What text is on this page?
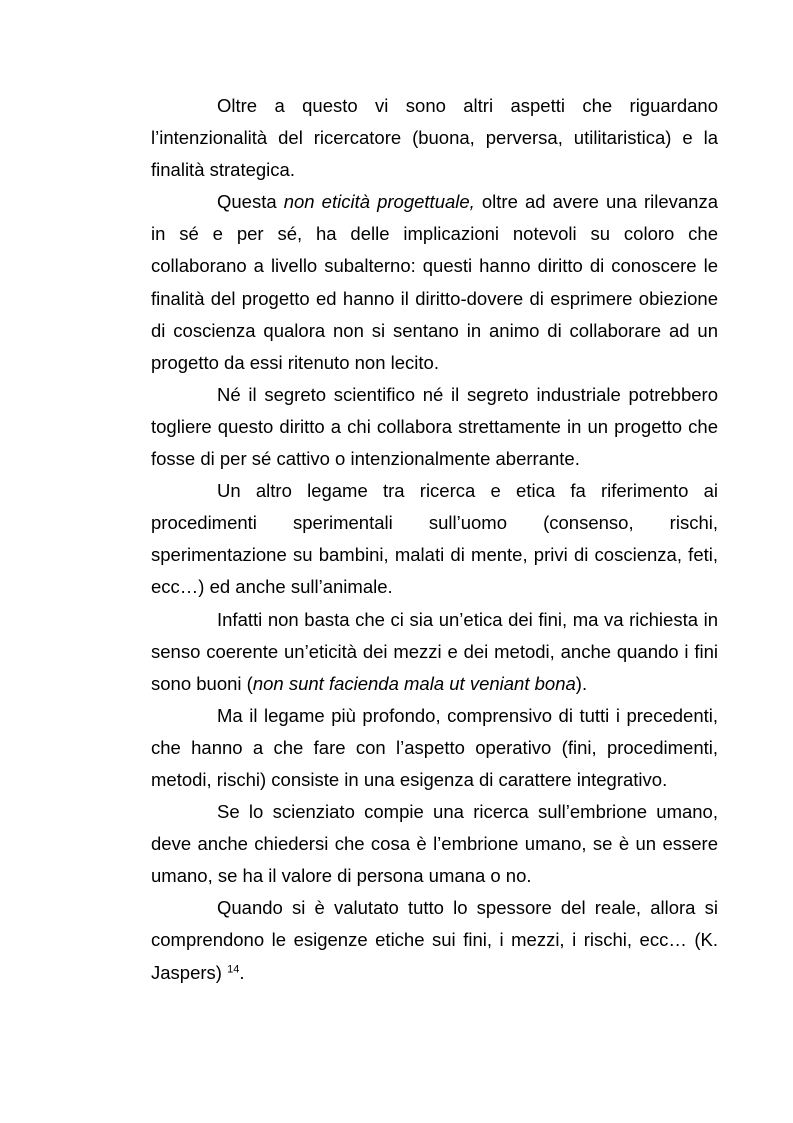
Oltre a questo vi sono altri aspetti che riguardano l’intenzionalità del ricercatore (buona, perversa, utilitaristica) e la finalità strategica.

Questa non eticità progettuale, oltre ad avere una rilevanza in sé e per sé, ha delle implicazioni notevoli su coloro che collaborano a livello subalterno: questi hanno diritto di conoscere le finalità del progetto ed hanno il diritto-dovere di esprimere obiezione di coscienza qualora non si sentano in animo di collaborare ad un progetto da essi ritenuto non lecito.

Né il segreto scientifico né il segreto industriale potrebbero togliere questo diritto a chi collabora strettamente in un progetto che fosse di per sé cattivo o intenzionalmente aberrante.

Un altro legame tra ricerca e etica fa riferimento ai procedimenti sperimentali sull’uomo (consenso, rischi, sperimentazione su bambini, malati di mente, privi di coscienza, feti, ecc…) ed anche sull’animale.

Infatti non basta che ci sia un’etica dei fini, ma va richiesta in senso coerente un’eticità dei mezzi e dei metodi, anche quando i fini sono buoni (non sunt facienda mala ut veniant bona).

Ma il legame più profondo, comprensivo di tutti i precedenti, che hanno a che fare con l’aspetto operativo (fini, procedimenti, metodi, rischi) consiste in una esigenza di carattere integrativo.

Se lo scienziato compie una ricerca sull’embrione umano, deve anche chiedersi che cosa è l’embrione umano, se è un essere umano, se ha il valore di persona umana o no.

Quando si è valutato tutto lo spessore del reale, allora si comprendono le esigenze etiche sui fini, i mezzi, i rischi, ecc… (K. Jaspers) $^{14}$.
